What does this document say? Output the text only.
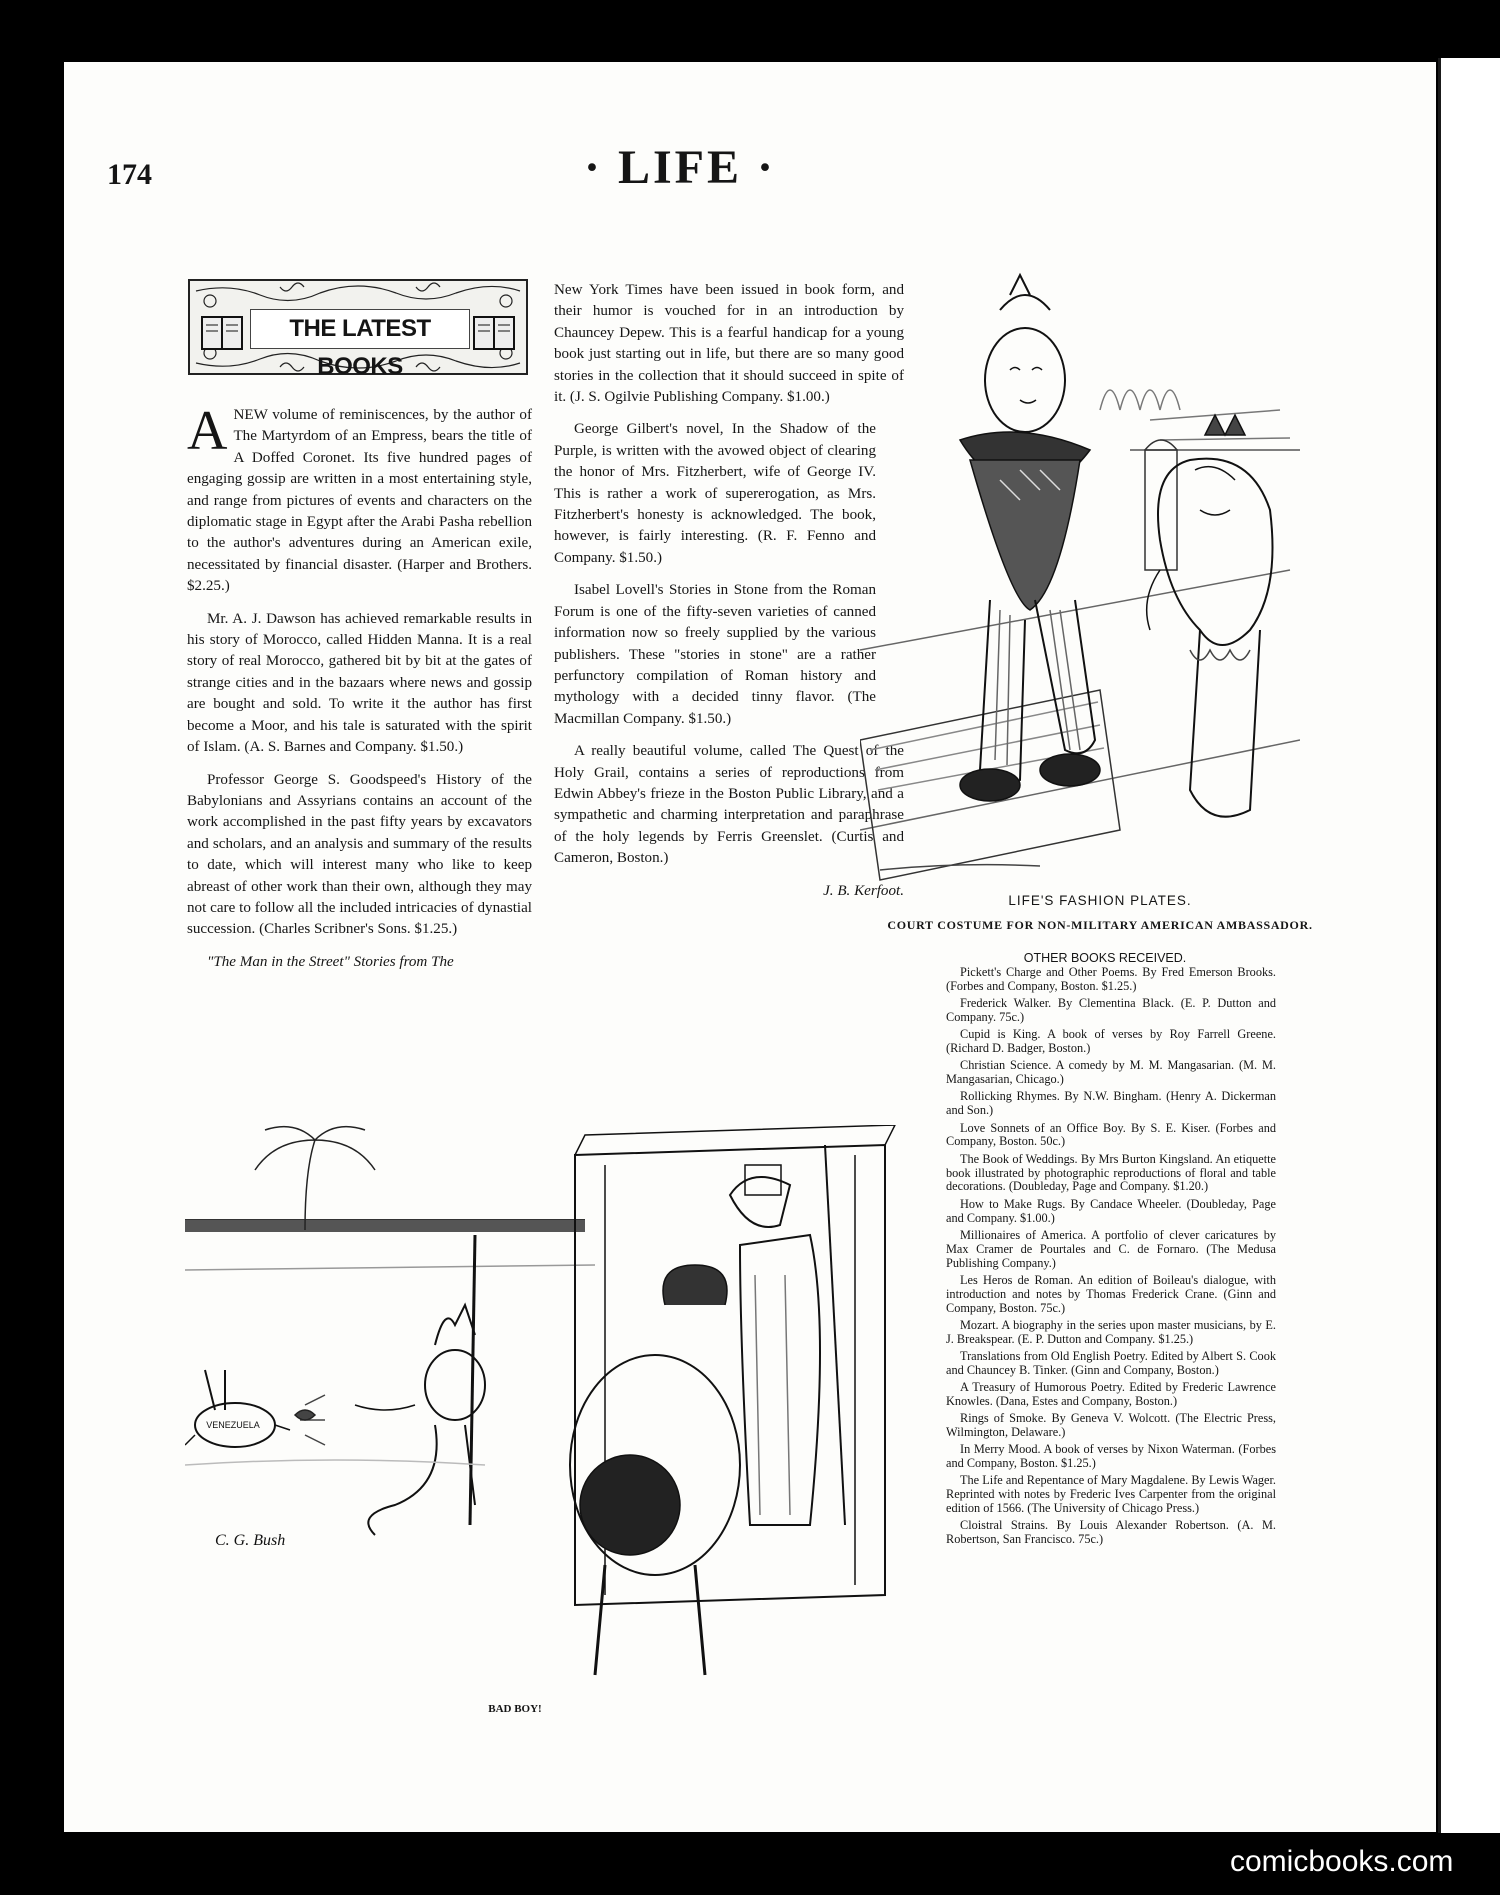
174	· LIFE ·
THE LATEST BOOKS

ANEW volume of reminiscences, by the author of The Martyrdom of an Empress, bears the title of A Doffed Coronet. Its five hundred pages of engaging gossip are written in a most entertaining style, and range from pictures of events and characters on the diplomatic stage in Egypt after the Arabi Pasha rebellion to the author's adventures during an American exile, necessitated by financial disaster. (Harper and Brothers. $2.25.)

Mr. A. J. Dawson has achieved remarkable results in his story of Morocco, called Hidden Manna. It is a real story of real Morocco, gathered bit by bit at the gates of strange cities and in the bazaars where news and gossip are bought and sold. To write it the author has first become a Moor, and his tale is saturated with the spirit of Islam. (A. S. Barnes and Company. $1.50.)

Professor George S. Goodspeed's History of the Babylonians and Assyrians contains an account of the work accomplished in the past fifty years by excavators and scholars, and an analysis and summary of the results to date, which will interest many who like to keep abreast of other work than their own, although they may not care to follow all the included intricacies of dynastial succession. (Charles Scribner's Sons. $1.25.)

"The Man in the Street" Stories from The

New York Times have been issued in book form, and their humor is vouched for in an introduction by Chauncey Depew. This is a fearful handicap for a young book just starting out in life, but there are so many good stories in the collection that it should succeed in spite of it. (J. S. Ogilvie Publishing Company. $1.00.)

George Gilbert's novel, In the Shadow of the Purple, is written with the avowed object of clearing the honor of Mrs. Fitzherbert, wife of George IV. This is rather a work of supererogation, as Mrs. Fitzherbert's honesty is acknowledged. The book, however, is fairly interesting. (R. F. Fenno and Company. $1.50.)

Isabel Lovell's Stories in Stone from the Roman Forum is one of the fifty-seven varieties of canned information now so freely supplied by the various publishers. These "stories in stone" are a rather perfunctory compilation of Roman history and mythology with a decided tinny flavor. (The Macmillan Company. $1.50.)

A really beautiful volume, called The Quest of the Holy Grail, contains a series of reproductions from Edwin Abbey's frieze in the Boston Public Library, and a sympathetic and charming interpretation and paraphrase of the holy legends by Ferris Greenslet. (Curtis and Cameron, Boston.)

J. B. Kerfoot.

LIFE'S FASHION PLATES.

COURT COSTUME FOR NON-MILITARY AMERICAN AMBASSADOR.

VENEZUELA
C. G. Bush

BAD BOY!

OTHER BOOKS RECEIVED.

Pickett's Charge and Other Poems. By Fred Emerson Brooks. (Forbes and Company, Boston. $1.25.)
Frederick Walker. By Clementina Black. (E. P. Dutton and Company. 75c.)
Cupid is King. A book of verses by Roy Farrell Greene. (Richard D. Badger, Boston.)
Christian Science. A comedy by M. M. Mangasarian. (M. M. Mangasarian, Chicago.)
Rollicking Rhymes. By N.W. Bingham. (Henry A. Dickerman and Son.)
Love Sonnets of an Office Boy. By S. E. Kiser. (Forbes and Company, Boston. 50c.)
The Book of Weddings. By Mrs Burton Kingsland. An etiquette book illustrated by photographic reproductions of floral and table decorations. (Doubleday, Page and Company. $1.20.)
How to Make Rugs. By Candace Wheeler. (Doubleday, Page and Company. $1.00.)
Millionaires of America. A portfolio of clever caricatures by Max Cramer de Pourtales and C. de Fornaro. (The Medusa Publishing Company.)
Les Heros de Roman. An edition of Boileau's dialogue, with introduction and notes by Thomas Frederick Crane. (Ginn and Company, Boston. 75c.)
Mozart. A biography in the series upon master musicians, by E. J. Breakspear. (E. P. Dutton and Company. $1.25.)
Translations from Old English Poetry. Edited by Albert S. Cook and Chauncey B. Tinker. (Ginn and Company, Boston.)
A Treasury of Humorous Poetry. Edited by Frederic Lawrence Knowles. (Dana, Estes and Company, Boston.)
Rings of Smoke. By Geneva V. Wolcott. (The Electric Press, Wilmington, Delaware.)
In Merry Mood. A book of verses by Nixon Waterman. (Forbes and Company, Boston. $1.25.)
The Life and Repentance of Mary Magdalene. By Lewis Wager. Reprinted with notes by Frederic Ives Carpenter from the original edition of 1566. (The University of Chicago Press.)
Cloistral Strains. By Louis Alexander Robertson. (A. M. Robertson, San Francisco. 75c.)

comicbooks.com
